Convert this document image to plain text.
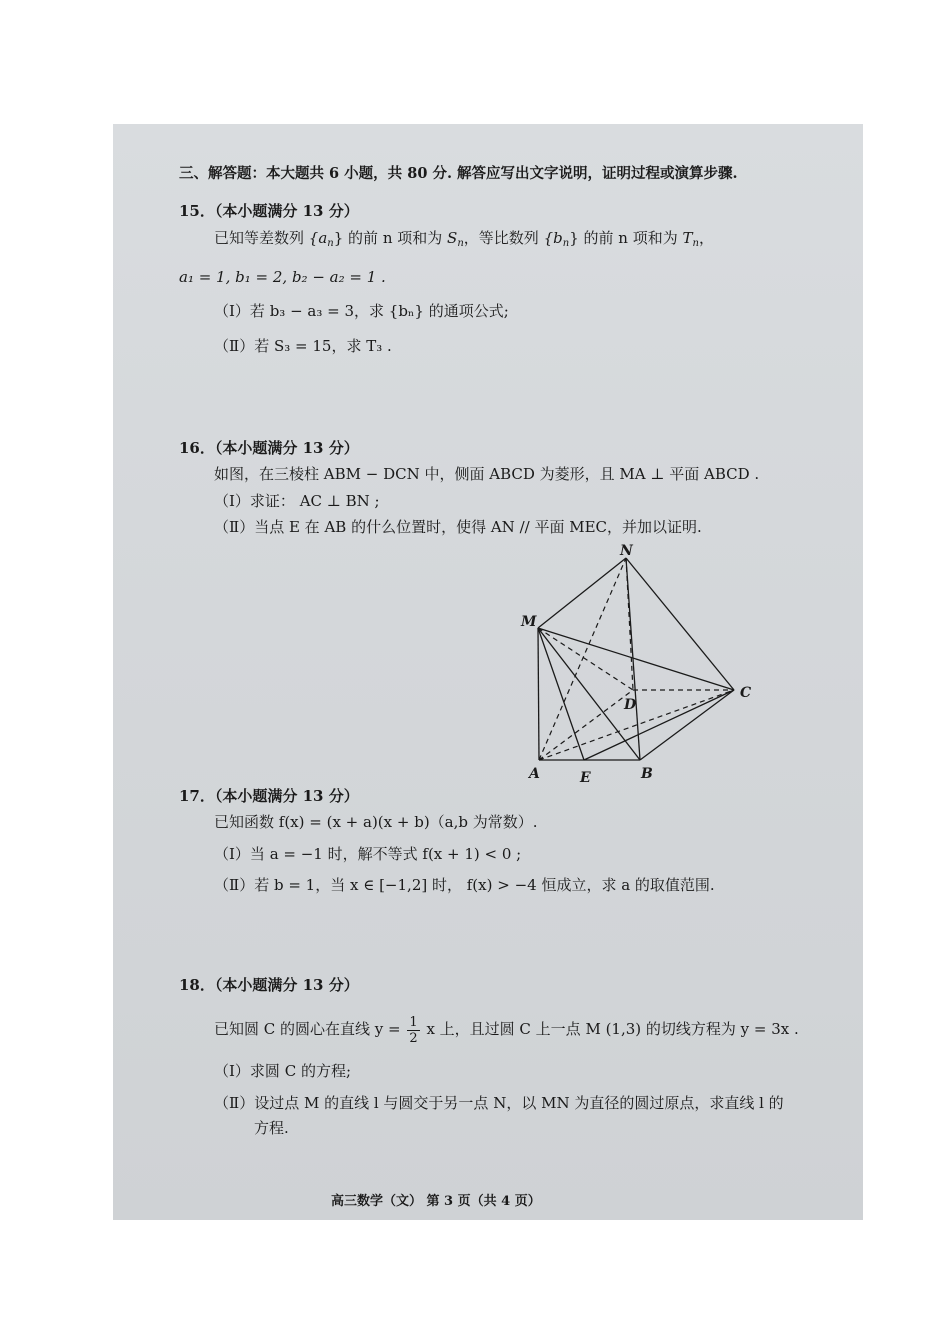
三、解答题：本大题共 6 小题，共 80 分. 解答应写出文字说明，证明过程或演算步骤.
15．（本小题满分 13 分）
已知等差数列 $\{a_n\}$ 的前 n 项和为 $S_n$，等比数列 $\{b_n\}$ 的前 n 项和为 $T_n$，
a₁ = 1, b₁ = 2, b₂ − a₂ = 1 .
（Ⅰ）若 b₃ − a₃ = 3，求 {bₙ} 的通项公式;
（Ⅱ）若 S₃ = 15，求 T₃ .
16．（本小题满分 13 分）
如图，在三棱柱 ABM − DCN 中，侧面 ABCD 为菱形，且 MA ⊥ 平面 ABCD .
（Ⅰ）求证： AC ⊥ BN ;
（Ⅱ）当点 E 在 AB 的什么位置时，使得 AN // 平面 MEC，并加以证明.
N
M
D
C
A	E	B
17．（本小题满分 13 分）
已知函数 f(x) = (x + a)(x + b)（a,b 为常数）.
（Ⅰ）当 a = −1 时，解不等式 f(x + 1) < 0 ;
（Ⅱ）若 b = 1，当 x ∈ [−1,2] 时， f(x) > −4 恒成立，求 a 的取值范围.
18．（本小题满分 13 分）
已知圆 C 的圆心在直线 $y = \frac{1}{2}$ x 上，且过圆 C 上一点 M (1,3) 的切线方程为 y = 3x .
（Ⅰ）求圆 C 的方程;
（Ⅱ）设过点 M 的直线 l 与圆交于另一点 N，以 MN 为直径的圆过原点，求直线 l 的
方程.
高三数学（文） 第 3 页（共 4 页）
